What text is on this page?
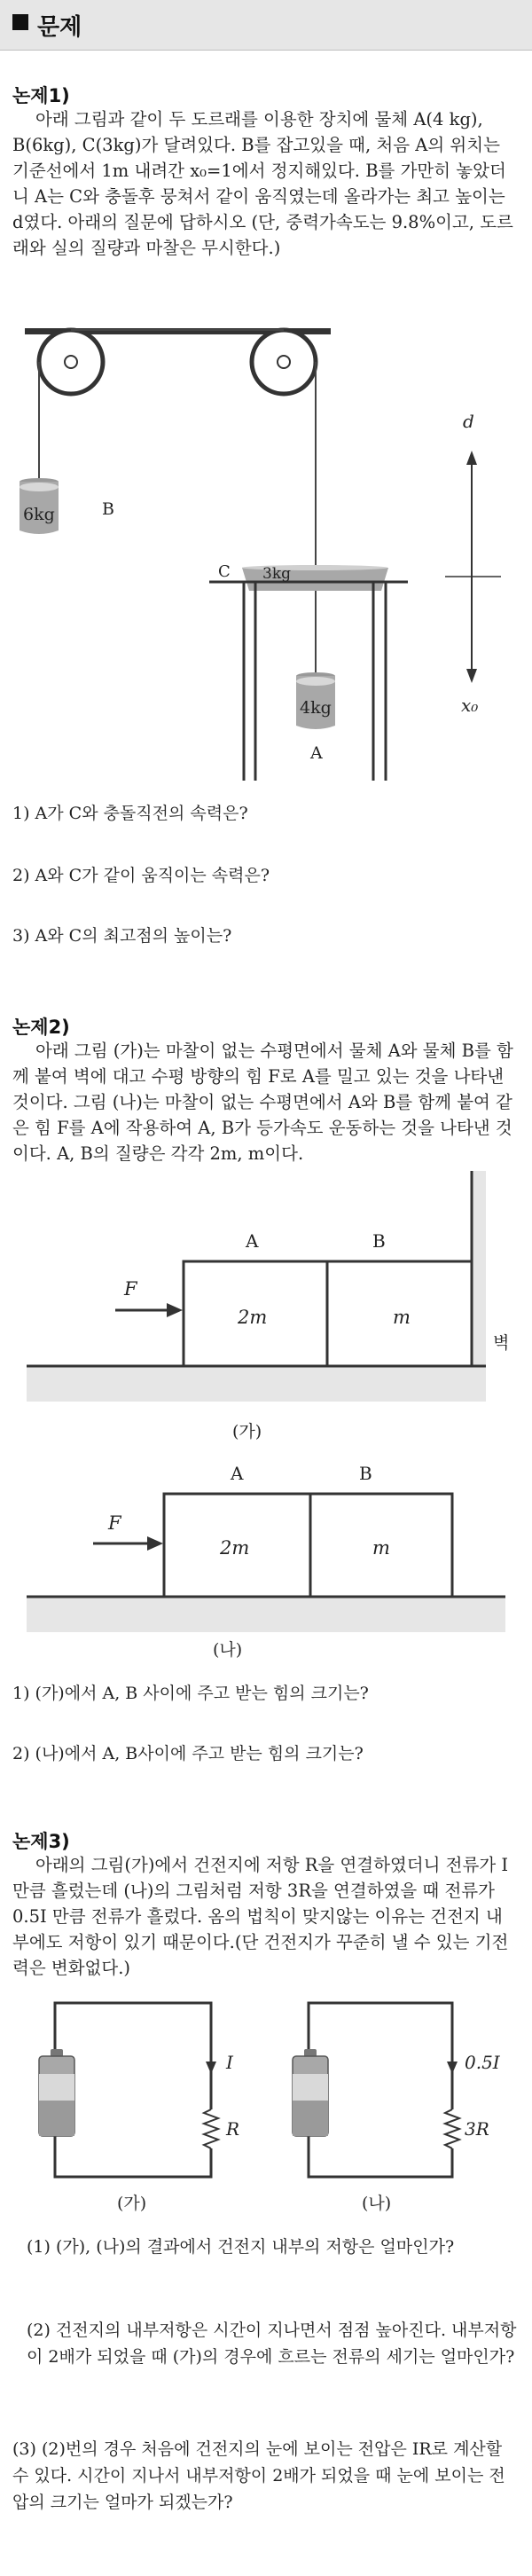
문제
논제1)
아래 그림과 같이 두 도르래를 이용한 장치에 물체 A(4 kg), B(6kg), C(3kg)가 달려있다. B를 잡고있을 때, 처음 A의 위치는 기준선에서 1m 내려간 x₀=1에서 정지해있다. B를 가만히 놓았더니 A는 C와 충돌후 뭉쳐서 같이 움직였는데 올라가는 최고 높이는 d였다. 아래의 질문에 답하시오 (단, 중력가속도는 9.8%이고, 도르래와 실의 질량과 마찰은 무시한다.)
6kg	B
C 3kg
4kg
A
d
x₀
1) A가 C와 충돌직전의 속력은?
2) A와 C가 같이 움직이는 속력은?
3) A와 C의 최고점의 높이는?
논제2)
아래 그림 (가)는 마찰이 없는 수평면에서 물체 A와 물체 B를 함께 붙여 벽에 대고 수평 방향의 힘 F로 A를 밀고 있는 것을 나타낸 것이다. 그림 (나)는 마찰이 없는 수평면에서 A와 B를 함께 붙여 같은 힘 F를 A에 작용하여 A, B가 등가속도 운동하는 것을 나타낸 것이다. A, B의 질량은 각각 2m, m이다.
A	B
벽
2m	m
F
(가)
A	B
2m	m
F
(나)
1) (가)에서 A, B 사이에 주고 받는 힘의 크기는?
2) (나)에서 A, B사이에 주고 받는 힘의 크기는?
논제3)
아래의 그림(가)에서 건전지에 저항 R을 연결하였더니 전류가 I 만큼 흘렀는데 (나)의 그림처럼 저항 3R을 연결하였을 때 전류가 0.5I 만큼 전류가 흘렀다. 옴의 법칙이 맞지않는 이유는 건전지 내부에도 저항이 있기 때문이다.(단 건전지가 꾸준히 낼 수 있는 기전력은 변화없다.)
I
R
(가)
0.5I
3R
(나)
(1) (가), (나)의 결과에서 건전지 내부의 저항은 얼마인가?
(2) 건전지의 내부저항은 시간이 지나면서 점점 높아진다. 내부저항이 2배가 되었을 때 (가)의 경우에 흐르는 전류의 세기는 얼마인가?
(3) (2)번의 경우 처음에 건전지의 눈에 보이는 전압은 IR로 계산할 수 있다. 시간이 지나서 내부저항이 2배가 되었을 때 눈에 보이는 전압의 크기는 얼마가 되겠는가?
